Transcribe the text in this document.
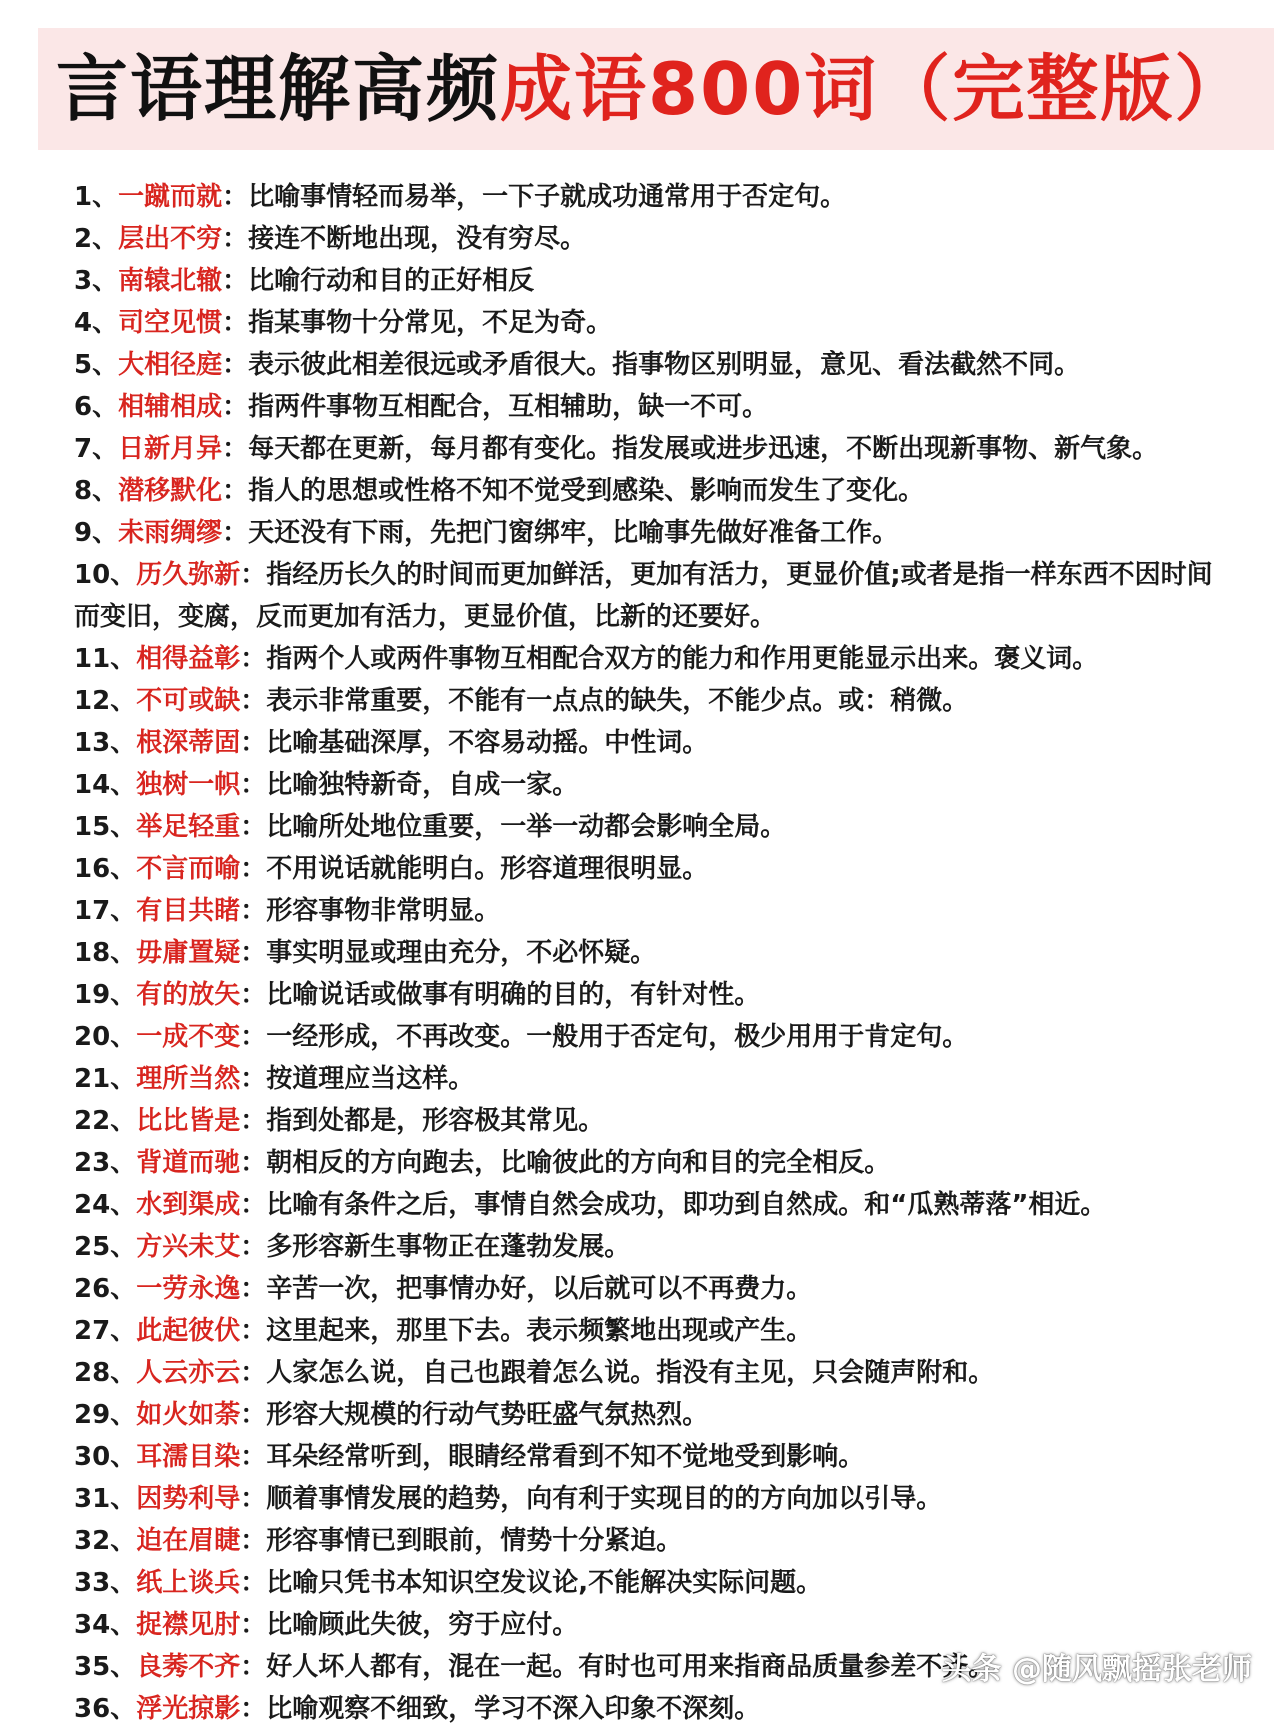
言语理解高频成语800词（完整版）
1、一蹴而就：比喻事情轻而易举，一下子就成功通常用于否定句。
2、层出不穷：接连不断地出现，没有穷尽。
3、南辕北辙：比喻行动和目的正好相反
4、司空见惯：指某事物十分常见，不足为奇。
5、大相径庭：表示彼此相差很远或矛盾很大。指事物区别明显，意见、看法截然不同。
6、相辅相成：指两件事物互相配合，互相辅助，缺一不可。
7、日新月异：每天都在更新，每月都有变化。指发展或进步迅速，不断出现新事物、新气象。
8、潜移默化：指人的思想或性格不知不觉受到感染、影响而发生了变化。
9、未雨绸缪：天还没有下雨，先把门窗绑牢，比喻事先做好准备工作。
10、历久弥新：指经历长久的时间而更加鲜活，更加有活力，更显价值;或者是指一样东西不因时间而变旧，变腐，反而更加有活力，更显价值，比新的还要好。
11、相得益彰：指两个人或两件事物互相配合双方的能力和作用更能显示出来。褒义词。
12、不可或缺：表示非常重要，不能有一点点的缺失，不能少点。或：稍微。
13、根深蒂固：比喻基础深厚，不容易动摇。中性词。
14、独树一帜：比喻独特新奇，自成一家。
15、举足轻重：比喻所处地位重要，一举一动都会影响全局。
16、不言而喻：不用说话就能明白。形容道理很明显。
17、有目共睹：形容事物非常明显。
18、毋庸置疑：事实明显或理由充分，不必怀疑。
19、有的放矢：比喻说话或做事有明确的目的，有针对性。
20、一成不变：一经形成，不再改变。一般用于否定句，极少用用于肯定句。
21、理所当然：按道理应当这样。
22、比比皆是：指到处都是，形容极其常见。
23、背道而驰：朝相反的方向跑去，比喻彼此的方向和目的完全相反。
24、水到渠成：比喻有条件之后，事情自然会成功，即功到自然成。和“瓜熟蒂落”相近。
25、方兴未艾：多形容新生事物正在蓬勃发展。
26、一劳永逸：辛苦一次，把事情办好，以后就可以不再费力。
27、此起彼伏：这里起来，那里下去。表示频繁地出现或产生。
28、人云亦云：人家怎么说，自己也跟着怎么说。指没有主见，只会随声附和。
29、如火如荼：形容大规模的行动气势旺盛气氛热烈。
30、耳濡目染：耳朵经常听到，眼睛经常看到不知不觉地受到影响。
31、因势利导：顺着事情发展的趋势，向有利于实现目的的方向加以引导。
32、迫在眉睫：形容事情已到眼前，情势十分紧迫。
33、纸上谈兵：比喻只凭书本知识空发议论,不能解决实际问题。
34、捉襟见肘：比喻顾此失彼，穷于应付。
35、良莠不齐：好人坏人都有，混在一起。有时也可用来指商品质量参差不齐。
36、浮光掠影：比喻观察不细致，学习不深入印象不深刻。
头条 @随风飘摇张老师
